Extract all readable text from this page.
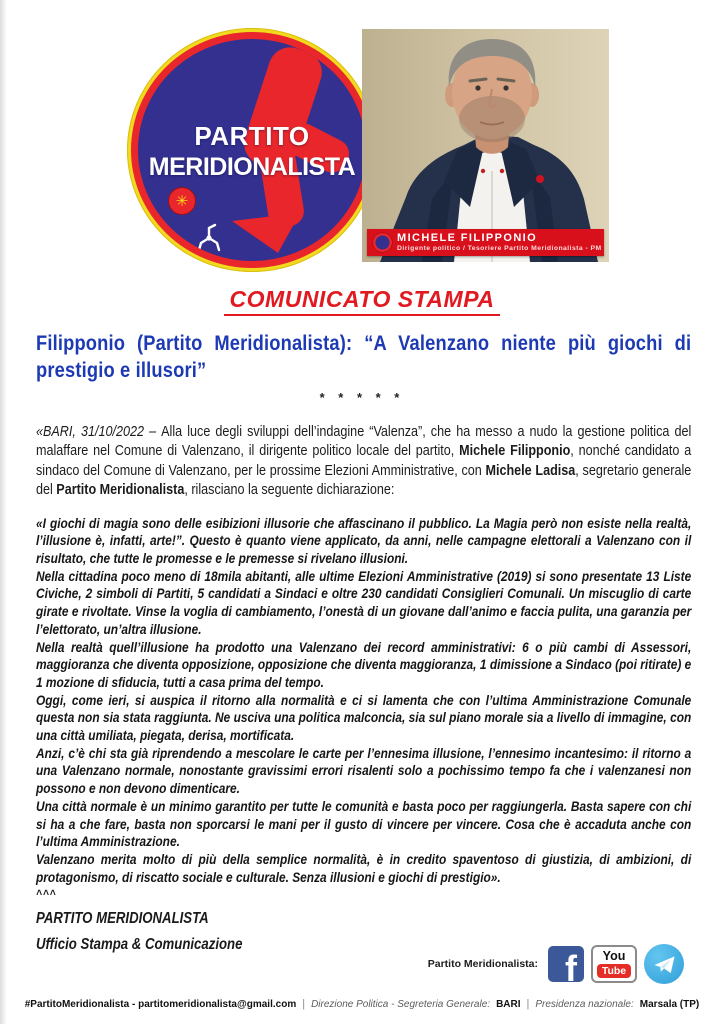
✳
PARTITO
MERIDIONALISTA
MICHELE FILIPPONIO
Dirigente politico / Tesoriere Partito Meridionalista - PM
COMUNICATO STAMPA
Filipponio (Partito Meridionalista): “A Valenzano niente più giochi di prestigio e illusori”
* * * * *

«BARI, 31/10/2022 – Alla luce degli sviluppi dell’indagine “Valenza”, che ha messo a nudo la gestione politica del malaffare nel Comune di Valenzano, il dirigente politico locale del partito, Michele Filipponio, nonché candidato a sindaco del Comune di Valenzano, per le prossime Elezioni Amministrative, con Michele Ladisa, segretario generale del Partito Meridionalista, rilasciano la seguente dichiarazione:

«I giochi di magia sono delle esibizioni illusorie che affascinano il pubblico. La Magia però non esiste nella realtà, l’illusione è, infatti, arte!”. Questo è quanto viene applicato, da anni, nelle campagne elettorali a Valenzano con il risultato, che tutte le promesse e le premesse si rivelano illusioni.

Nella cittadina poco meno di 18mila abitanti, alle ultime Elezioni Amministrative (2019) si sono presentate 13 Liste Civiche, 2 simboli di Partiti, 5 candidati a Sindaci e oltre 230 candidati Consiglieri Comunali. Un miscuglio di carte girate e rivoltate. Vinse la voglia di cambiamento, l’onestà di un giovane dall’animo e faccia pulita, una garanzia per l’elettorato, un’altra illusione.

Nella realtà quell’illusione ha prodotto una Valenzano dei record amministrativi: 6 o più cambi di Assessori, maggioranza che diventa opposizione, opposizione che diventa maggioranza, 1 dimissione a Sindaco (poi ritirate) e 1 mozione di sfiducia, tutti a casa prima del tempo.

Oggi, come ieri, si auspica il ritorno alla normalità e ci si lamenta che con l’ultima Amministrazione Comunale questa non sia stata raggiunta. Ne usciva una politica malconcia, sia sul piano morale sia a livello di immagine, con una città umiliata, piegata, derisa, mortificata.

Anzi, c’è chi sta già riprendendo a mescolare le carte per l’ennesima illusione, l’ennesimo incantesimo: il ritorno a una Valenzano normale, nonostante gravissimi errori risalenti solo a pochissimo tempo fa che i valenzanesi non possono e non devono dimenticare.

Una città normale è un minimo garantito per tutte le comunità e basta poco per raggiungerla. Basta sapere con chi si ha a che fare, basta non sporcarsi le mani per il gusto di vincere per vincere. Cosa che è accaduta anche con l’ultima Amministrazione.

Valenzano merita molto di più della semplice normalità, è in credito spaventoso di giustizia, di ambizioni, di protagonismo, di riscatto sociale e culturale. Senza illusioni e giochi di prestigio».

^^^
PARTITO MERIDIONALISTA
Ufficio Stampa & Comunicazione
Partito Meridionalista: f You
Tube
#PartitoMeridionalista - partitomeridionalista@gmail.com | Direzione Politica - Segreteria Generale: BARI | Presidenza nazionale: Marsala (TP)
